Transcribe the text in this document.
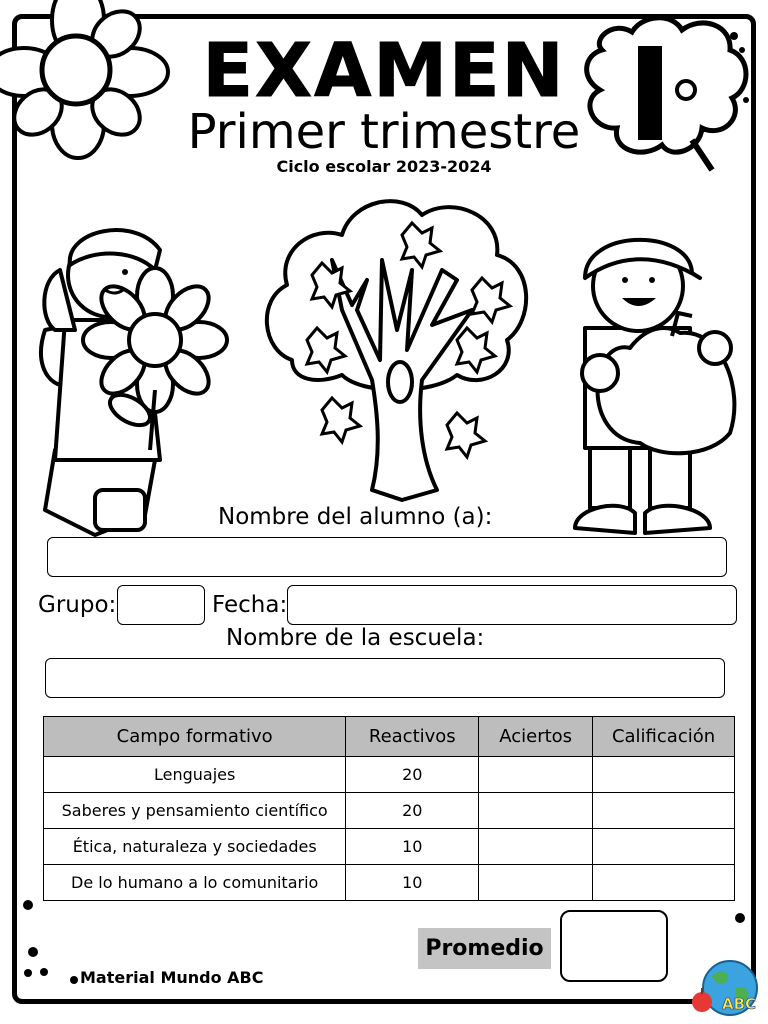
EXAMEN
Primer trimestre
Ciclo escolar 2023-2024
Nombre del alumno (a):
Grupo:	Fecha:
Nombre de la escuela:
Campo formativo	Reactivos	Aciertos	Calificación
Lenguajes	20		
Saberes y pensamiento científico	20		
Ética, naturaleza y sociedades	10		
De lo humano a lo comunitario	10		
Promedio
Material Mundo ABC
ABC
